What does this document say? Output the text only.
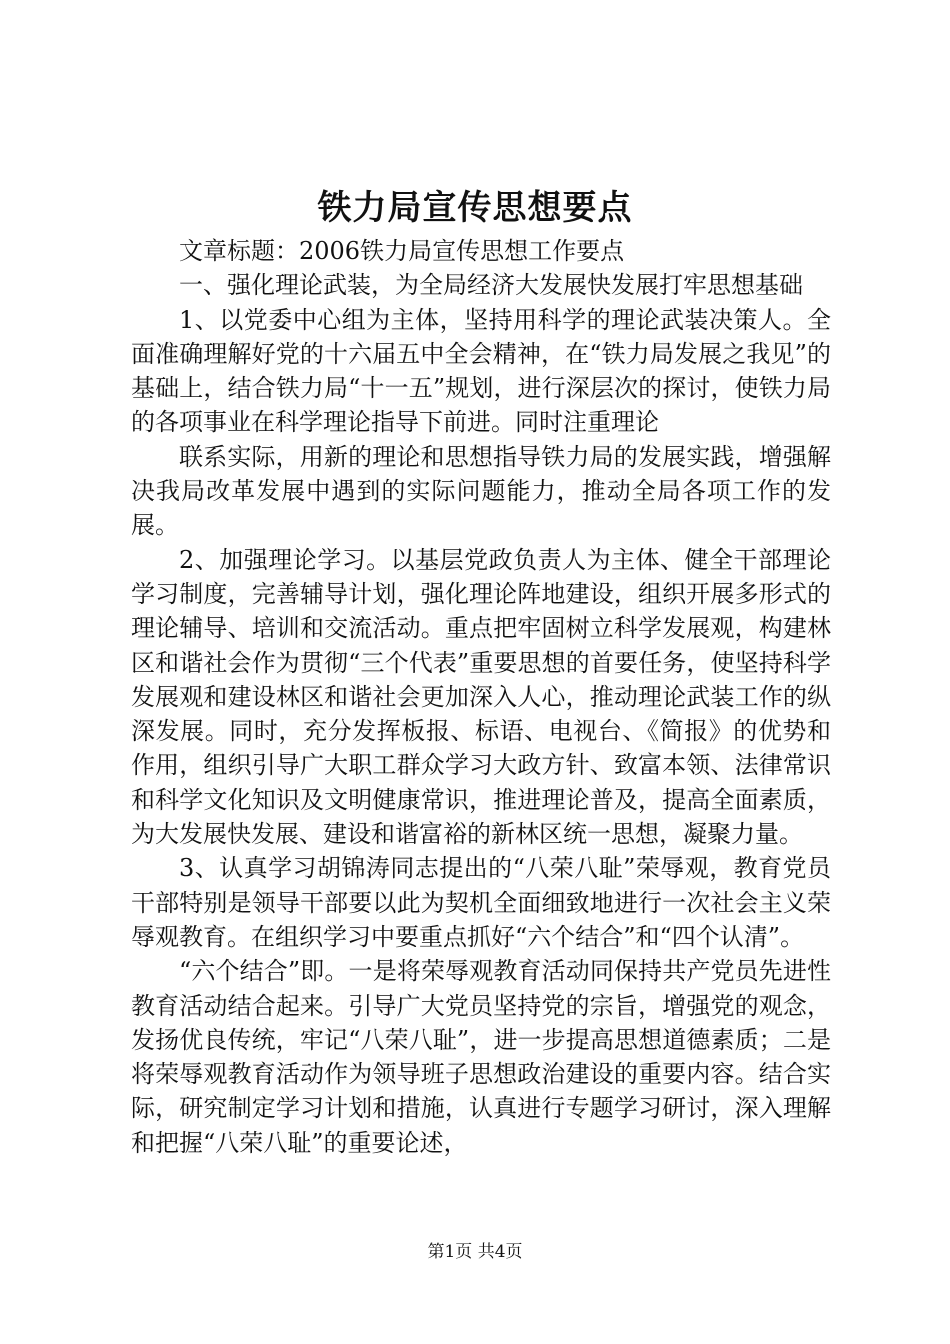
铁力局宣传思想要点

文章标题：2006铁力局宣传思想工作要点

一、强化理论武装，为全局经济大发展快发展打牢思想基础

1、以党委中心组为主体，坚持用科学的理论武装决策人。全面准确理解好党的十六届五中全会精神，在“铁力局发展之我见”的基础上，结合铁力局“十一五”规划，进行深层次的探讨，使铁力局的各项事业在科学理论指导下前进。同时注重理论

联系实际，用新的理论和思想指导铁力局的发展实践，增强解决我局改革发展中遇到的实际问题能力，推动全局各项工作的发展。

2、加强理论学习。以基层党政负责人为主体、健全干部理论学习制度，完善辅导计划，强化理论阵地建设，组织开展多形式的理论辅导、培训和交流活动。重点把牢固树立科学发展观，构建林区和谐社会作为贯彻“三个代表”重要思想的首要任务，使坚持科学发展观和建设林区和谐社会更加深入人心，推动理论武装工作的纵深发展。同时，充分发挥板报、标语、电视台、《简报》的优势和作用，组织引导广大职工群众学习大政方针、致富本领、法律常识和科学文化知识及文明健康常识，推进理论普及，提高全面素质，为大发展快发展、建设和谐富裕的新林区统一思想，凝聚力量。

3、认真学习胡锦涛同志提出的“八荣八耻”荣辱观，教育党员干部特别是领导干部要以此为契机全面细致地进行一次社会主义荣辱观教育。在组织学习中要重点抓好“六个结合”和“四个认清”。

“六个结合”即。一是将荣辱观教育活动同保持共产党员先进性教育活动结合起来。引导广大党员坚持党的宗旨，增强党的观念，发扬优良传统，牢记“八荣八耻”，进一步提高思想道德素质；二是将荣辱观教育活动作为领导班子思想政治建设的重要内容。结合实际，研究制定学习计划和措施，认真进行专题学习研讨，深入理解和把握“八荣八耻”的重要论述，

第1页 共4页
